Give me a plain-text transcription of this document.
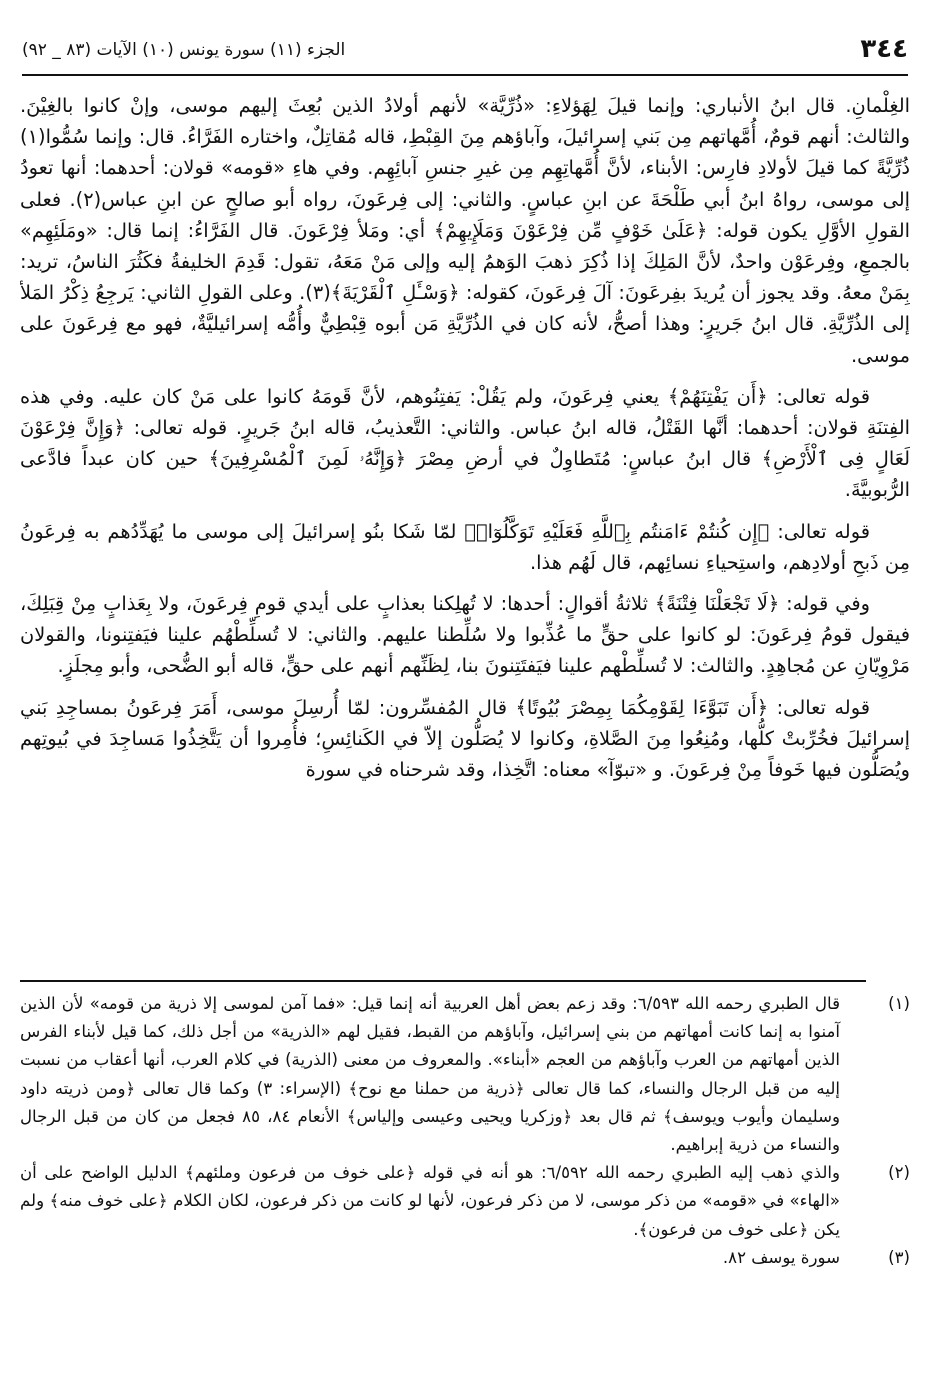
٣٤٤
الجزء (١١) سورة يونس (١٠) الآيات (٨٣ _ ٩٢)

الغِلْمانِ. قال ابنُ الأنباري: وإنما قيلَ لِهَؤلاءِ: «ذُرِّيَّة» لأنهم أولادُ الذين بُعِثَ إليهم موسى، وإنْ كانوا بالغِيْنَ. والثالث: أنهم قومٌ، أُمَّهاتهم مِن بَني إسرائيلَ، وآباؤهم مِنَ القِبْطِ، قاله مُقاتِلٌ، واختاره الفَرَّاءُ. قال: وإنما سُمُّوا(١) ذُرِّيَّةً كما قيلَ لأولادِ فارِس: الأبناء، لأنَّ أُمَّهاتِهِم مِن غيرِ جنسِ آبائِهِم. وفي هاءِ «قومه» قولان: أحدهما: أنها تعودُ إلى موسى، رواهُ ابنُ أبي طَلْحَةَ عن ابنِ عباسٍ. والثاني: إلى فِرعَونَ، رواه أبو صالحٍ عن ابنِ عباس(٢). فعلى القولِ الأوَّلِ يكون قوله: ﴿عَلَىٰ خَوْفٍ مِّن فِرْعَوْنَ وَمَلَإِيهِمْ﴾ أي: ومَلأ فِرْعَونَ. قال الفَرَّاءُ: إنما قال: «ومَلَئِهِم» بالجمعِ، وفِرعَوْن واحدٌ، لأنَّ المَلِكَ إذا ذُكِرَ ذهبَ الوَهمُ إليه وإلى مَنْ مَعَهُ، تقول: قَدِمَ الخليفةُ فكَثُرَ الناسُ، تريد: بِمَنْ معهُ. وقد يجوز أن يُريدَ بفِرعَونَ: آلَ فِرعَونَ، كقوله: ﴿وَسْـَٔلِ ٱلْقَرْيَةَ﴾(٣). وعلى القولِ الثاني: يَرجِعُ ذِكْرُ المَلأ إلى الذُرِّيَّةِ. قال ابنُ جَريرٍ: وهذا أصحُّ، لأنه كان في الذُرِّيَّةِ مَن أبوه قِبْطِيٌّ وأُمُّه إسرائيليَّةٌ، فهو مع فِرعَونَ على موسى.

قوله تعالى: ﴿أَن يَفْتِنَهُمْ﴾ يعني فِرعَونَ، ولم يَقُلْ: يَفتِنُوهم، لأنَّ قَومَهُ كانوا على مَنْ كان عليه. وفي هذه الفِتنَةِ قولان: أحدهما: أنَّها القَتْلُ، قاله ابنُ عباس. والثاني: التَّعذيبُ، قاله ابنُ جَريرٍ. قوله تعالى: ﴿وَإِنَّ فِرْعَوْنَ لَعَالٍ فِى ٱلْأَرْضِ﴾ قال ابنُ عباسٍ: مُتَطاوِلٌ في أرضِ مِصْرَ ﴿وَإِنَّهُۥ لَمِنَ ٱلْمُسْرِفِينَ﴾ حين كان عبداً فادَّعى الرُّبوبيَّةَ.

قوله تعالى: ﴿إِن كُنتُمْ ءَامَنتُم بِٱللَّهِ فَعَلَيْهِ تَوَكَّلُوٓا۟﴾ لمّا شَكا بنُو إسرائيلَ إلى موسى ما يُهَدِّدُهم به فِرعَونُ مِن ذَبحِ أولادِهم، واستِحياءِ نسائِهم، قال لَهُم هذا.

وفي قوله: ﴿لَا تَجْعَلْنَا فِتْنَةً﴾ ثلاثةُ أقوالٍ: أحدها: لا تُهلِكنا بعذابٍ على أيدي قومِ فِرعَونَ، ولا بِعَذابٍ مِنْ قِبَلِكَ، فيقول قومُ فِرعَونَ: لو كانوا على حقٍّ ما عُذِّبوا ولا سُلِّطنا عليهم. والثاني: لا تُسلِّطْهُم علينا فيَفتِنونا، والقولان مَرْوِيّانِ عن مُجاهِدٍ. والثالث: لا تُسلِّطْهم علينا فيَفتَتِنونَ بنا، لِظَنِّهم أنهم على حقٍّ، قاله أبو الضُّحى، وأبو مِجلَزٍ.

قوله تعالى: ﴿أَن تَبَوَّءَا لِقَوْمِكُمَا بِمِصْرَ بُيُوتًا﴾ قال المُفسِّرون: لمّا أُرسِلَ موسى، أَمَرَ فِرعَونُ بمساجِدِ بَني إسرائيلَ فخُرِّبتْ كلُّها، ومُنِعُوا مِنَ الصَّلاةِ، وكانوا لا يُصَلُّون إلاّ في الكَنائِسِ؛ فأُمِروا أن يَتَّخِذُوا مَساجِدَ في بُيوتِهم ويُصَلُّون فيها خَوفاً مِنْ فِرعَونَ. و «تبوّآ» معناه: اتَّخِذا، وقد شرحناه في سورة

(١)
قال الطبري رحمه الله ٦/٥٩٣: وقد زعم بعض أهل العربية أنه إنما قيل: «فما آمن لموسى إلا ذرية من قومه» لأن الذين آمنوا به إنما كانت أمهاتهم من بني إسرائيل، وآباؤهم من القبط، فقيل لهم «الذرية» من أجل ذلك، كما قيل لأبناء الفرس الذين أمهاتهم من العرب وآباؤهم من العجم «أبناء». والمعروف من معنى (الذرية) في كلام العرب، أنها أعقاب من نسبت إليه من قبل الرجال والنساء، كما قال تعالى ﴿ذرية من حملنا مع نوح﴾ (الإسراء: ٣) وكما قال تعالى ﴿ومن ذريته داود وسليمان وأيوب ويوسف﴾ ثم قال بعد ﴿وزكريا ويحيى وعيسى وإلياس﴾ الأنعام ٨٤، ٨٥ فجعل من كان من قبل الرجال والنساء من ذرية إبراهيم.
(٢)
والذي ذهب إليه الطبري رحمه الله ٦/٥٩٢: هو أنه في قوله ﴿على خوف من فرعون وملئهم﴾ الدليل الواضح على أن «الهاء» في «قومه» من ذكر موسى، لا من ذكر فرعون، لأنها لو كانت من ذكر فرعون، لكان الكلام ﴿على خوف منه﴾ ولم يكن ﴿على خوف من فرعون﴾.
(٣)
سورة يوسف ٨٢.
